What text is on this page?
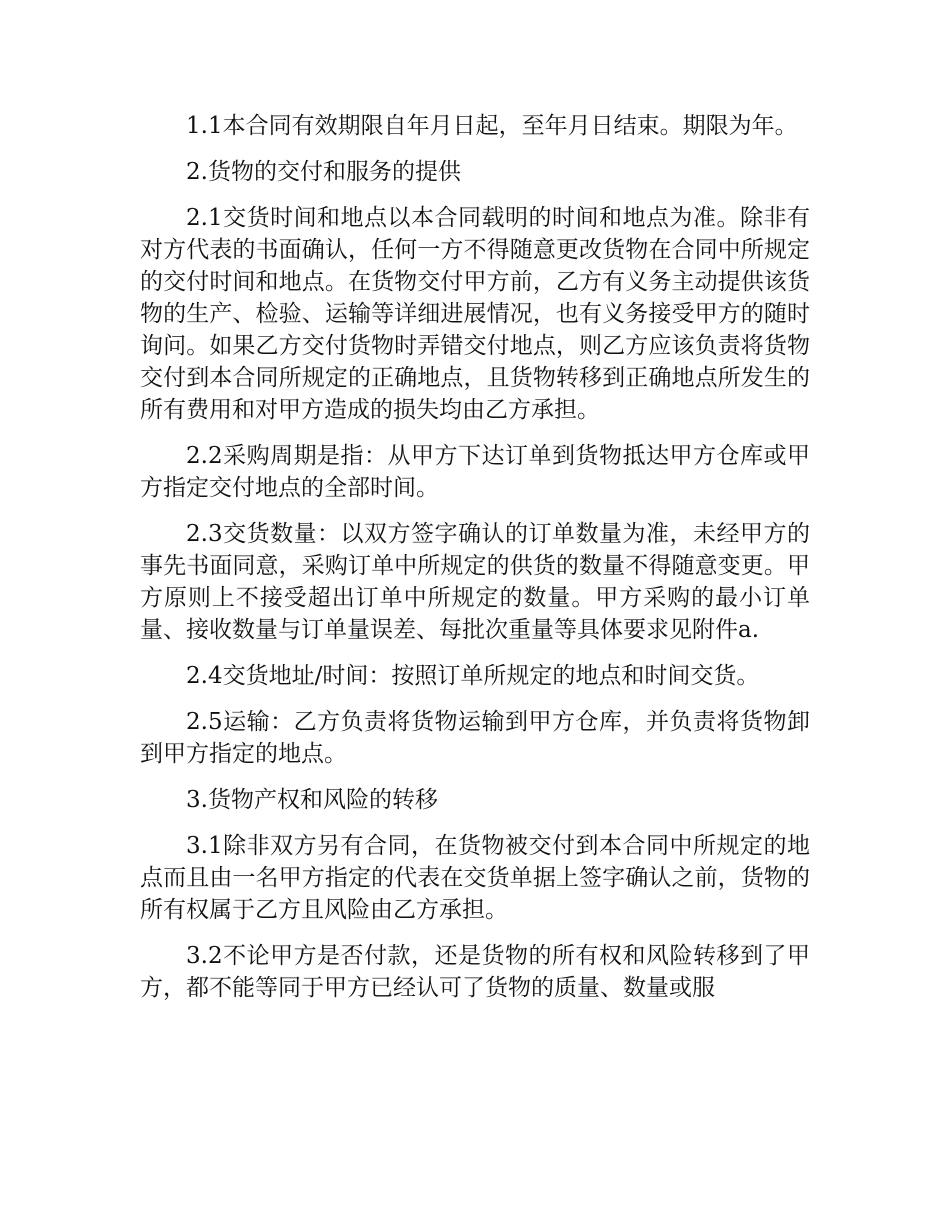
1.1本合同有效期限自年月日起，至年月日结束。期限为年。

2.货物的交付和服务的提供

2.1交货时间和地点以本合同载明的时间和地点为准。除非有对方代表的书面确认，任何一方不得随意更改货物在合同中所规定的交付时间和地点。在货物交付甲方前，乙方有义务主动提供该货物的生产、检验、运输等详细进展情况，也有义务接受甲方的随时询问。如果乙方交付货物时弄错交付地点，则乙方应该负责将货物交付到本合同所规定的正确地点，且货物转移到正确地点所发生的所有费用和对甲方造成的损失均由乙方承担。

2.2采购周期是指：从甲方下达订单到货物抵达甲方仓库或甲方指定交付地点的全部时间。

2.3交货数量：以双方签字确认的订单数量为准，未经甲方的事先书面同意，采购订单中所规定的供货的数量不得随意变更。甲方原则上不接受超出订单中所规定的数量。甲方采购的最小订单量、接收数量与订单量误差、每批次重量等具体要求见附件a.

2.4交货地址/时间：按照订单所规定的地点和时间交货。

2.5运输：乙方负责将货物运输到甲方仓库，并负责将货物卸到甲方指定的地点。

3.货物产权和风险的转移

3.1除非双方另有合同，在货物被交付到本合同中所规定的地点而且由一名甲方指定的代表在交货单据上签字确认之前，货物的所有权属于乙方且风险由乙方承担。

3.2不论甲方是否付款，还是货物的所有权和风险转移到了甲方，都不能等同于甲方已经认可了货物的质量、数量或服
